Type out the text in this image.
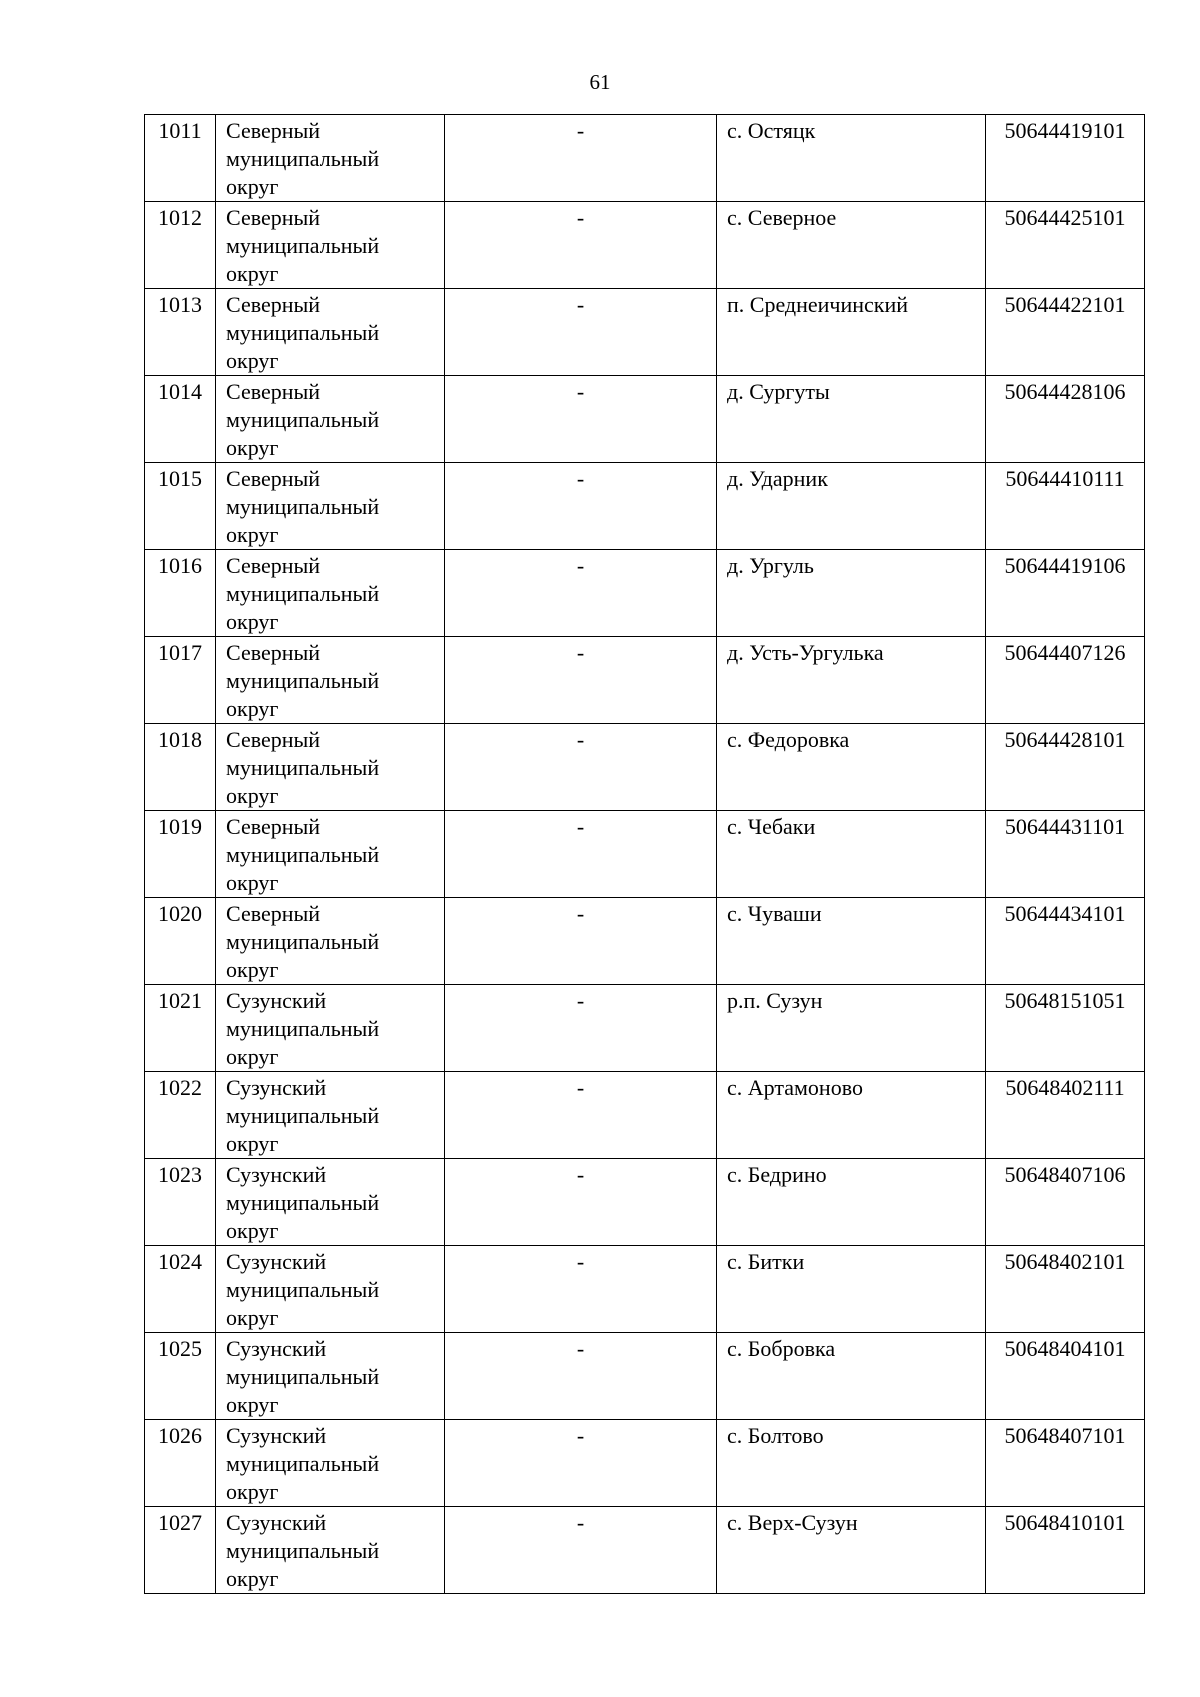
61
1011	Северный
муниципальный
округ	-	с. Остяцк	50644419101
1012	Северный
муниципальный
округ	-	с. Северное	50644425101
1013	Северный
муниципальный
округ	-	п. Среднеичинский	50644422101
1014	Северный
муниципальный
округ	-	д. Сургуты	50644428106
1015	Северный
муниципальный
округ	-	д. Ударник	50644410111
1016	Северный
муниципальный
округ	-	д. Ургуль	50644419106
1017	Северный
муниципальный
округ	-	д. Усть-Ургулька	50644407126
1018	Северный
муниципальный
округ	-	с. Федоровка	50644428101
1019	Северный
муниципальный
округ	-	с. Чебаки	50644431101
1020	Северный
муниципальный
округ	-	с. Чуваши	50644434101
1021	Сузунский
муниципальный
округ	-	р.п. Сузун	50648151051
1022	Сузунский
муниципальный
округ	-	с. Артамоново	50648402111
1023	Сузунский
муниципальный
округ	-	с. Бедрино	50648407106
1024	Сузунский
муниципальный
округ	-	с. Битки	50648402101
1025	Сузунский
муниципальный
округ	-	с. Бобровка	50648404101
1026	Сузунский
муниципальный
округ	-	с. Болтово	50648407101
1027	Сузунский
муниципальный
округ	-	с. Верх-Сузун	50648410101
